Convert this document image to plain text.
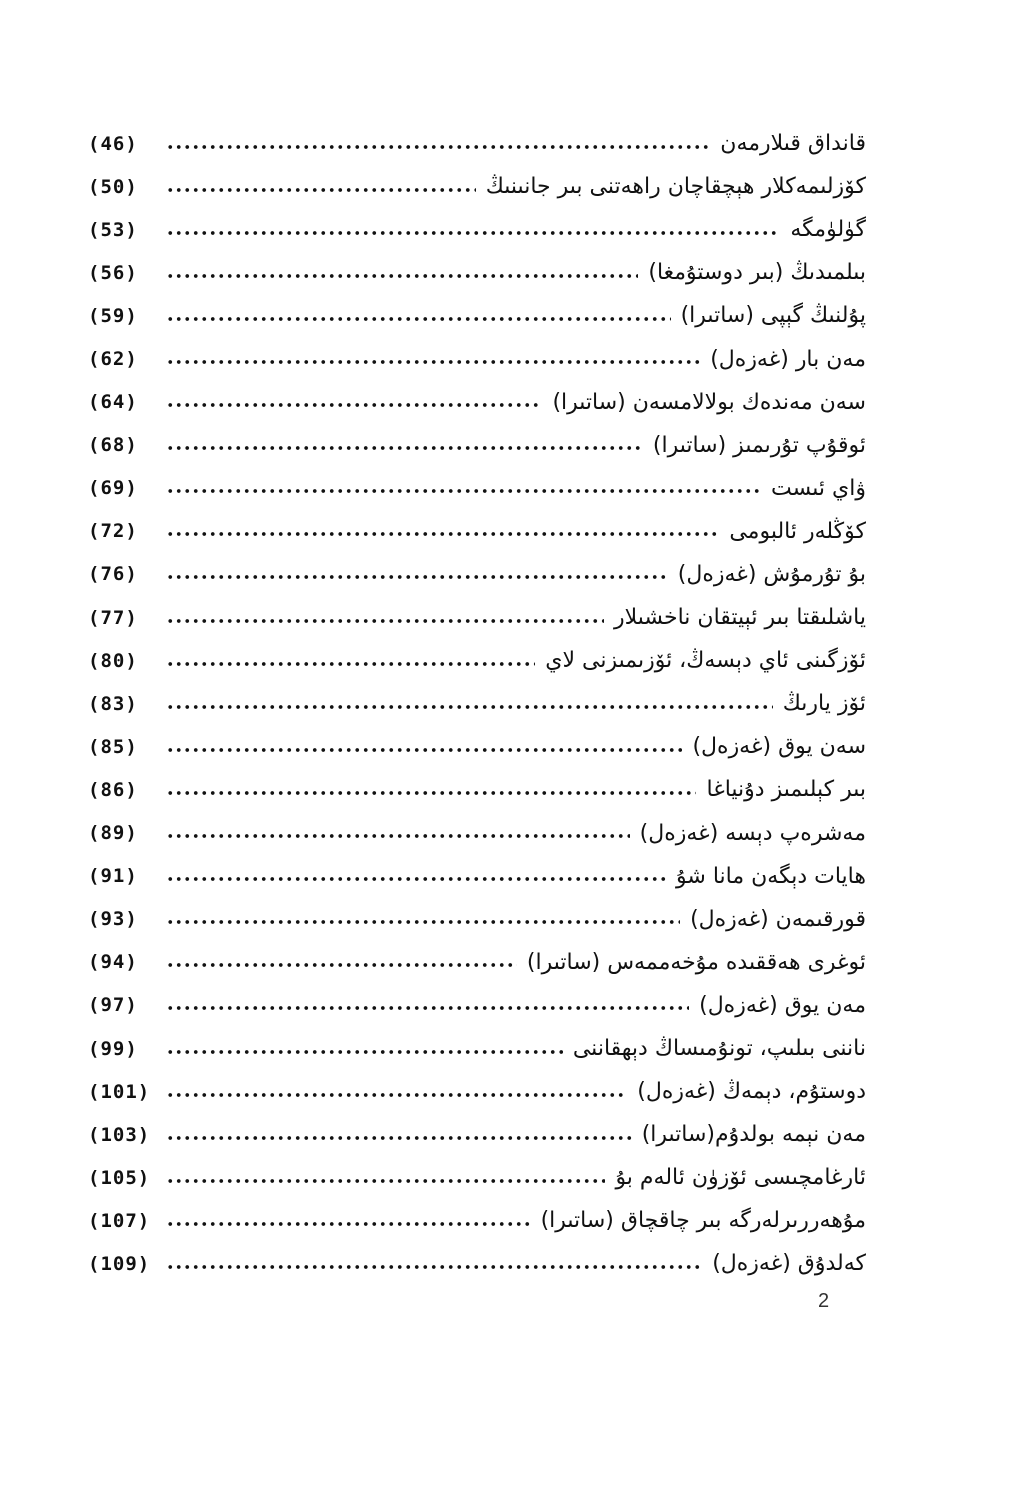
(46)	قانداق قىلارمەن
(50)	كۆزلىمەكلار ھېچقاچان راھەتنى بىر جانىنىڭ
(53)	گۈلۈمگە
(56)	بىلمىدىڭ (بىر دوستۇمغا)
(59)	پۇلنىڭ گېپى (ساتىرا)
(62)	مەن بار (غەزەل)
(64)	سەن مەندەك بولالامسەن (ساتىرا)
(68)	ئوقۇپ تۇرىمىز (ساتىرا)
(69)	ۋاي ئىست
(72)	كۆڭلەر ئالبومى
(76)	بۇ تۇرمۇش (غەزەل)
(77)	ياشلىقتا بىر ئېيتقان ناخشىلار
(80)	ئۆزگىنى ئاي دېسەڭ، ئۆزىمىزنى لاي
(83)	ئۆز يارىڭ
(85)	سەن يوق (غەزەل)
(86)	بىر كېلىمىز دۇنياغا
(89)	مەشرەپ دېسە (غەزەل)
(91)	ھايات دېگەن مانا شۇ
(93)	قورقىمەن (غەزەل)
(94)	ئوغرى ھەققىدە مۇخەممەس (ساتىرا)
(97)	مەن يوق (غەزەل)
(99)	ناننى بىلىپ، تونۇمىساڭ دېھقاننى
(101)	دوستۇم، دېمەڭ (غەزەل)
(103)	مەن نېمە بولدۇم(ساتىرا)
(105)	ئارغامچىسى ئۆزۈن ئالەم بۇ
(107)	مۇھەررىرلەرگە بىر چاقچاق (ساتىرا)
(109)	كەلدۇق (غەزەل)
2
